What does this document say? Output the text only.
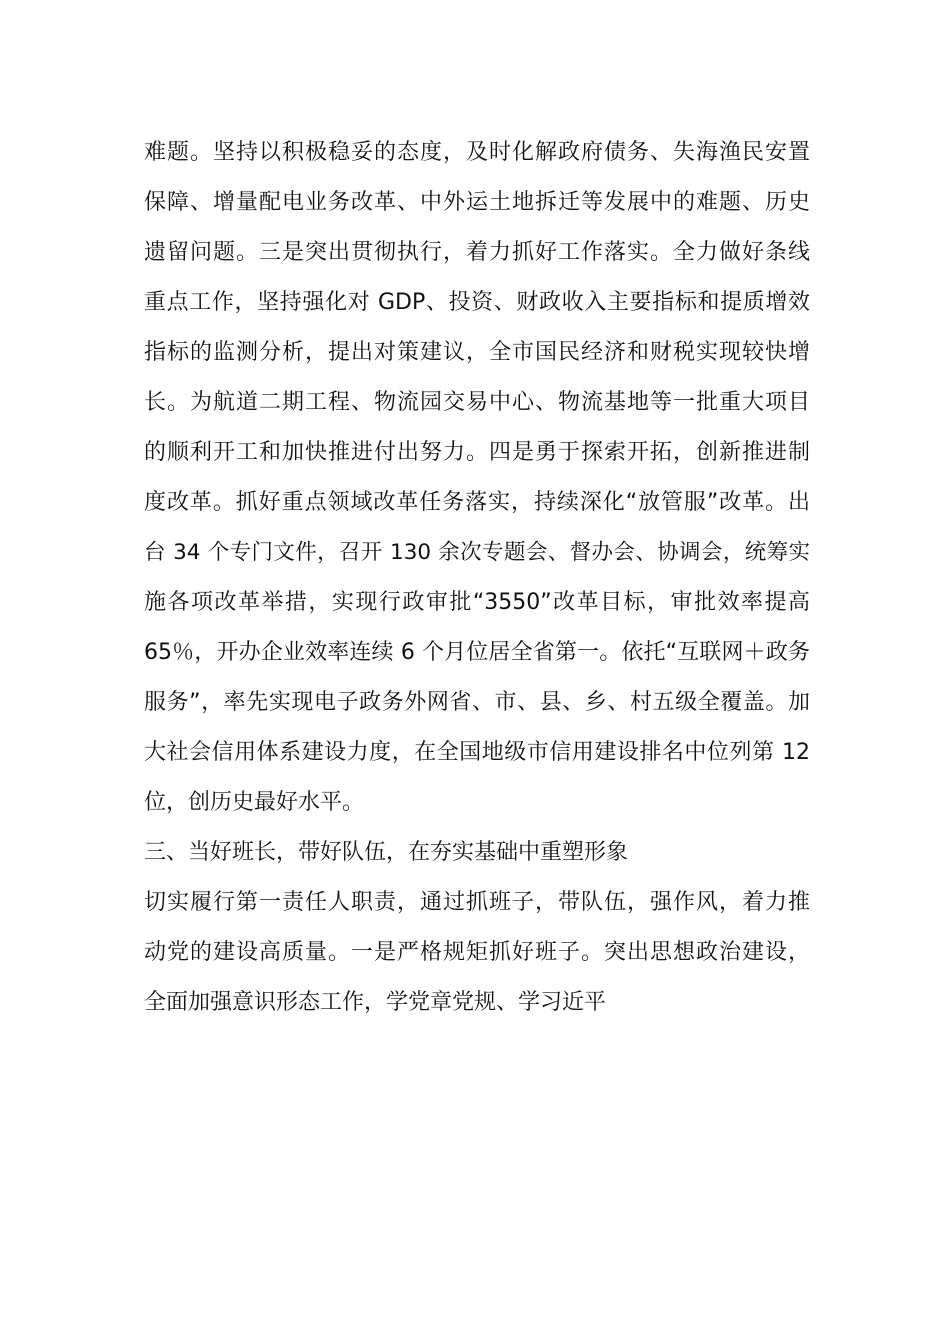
难题。坚持以积极稳妥的态度，及时化解政府债务、失海渔民安置
保障、增量配电业务改革、中外运土地拆迁等发展中的难题、历史
遗留问题。三是突出贯彻执行，着力抓好工作落实。全力做好条线
重点工作，坚持强化对 GDP、投资、财政收入主要指标和提质增效
指标的监测分析，提出对策建议，全市国民经济和财税实现较快增
长。为航道二期工程、物流园交易中心、物流基地等一批重大项目
的顺利开工和加快推进付出努力。四是勇于探索开拓，创新推进制
度改革。抓好重点领域改革任务落实，持续深化“放管服”改革。出
台 34 个专门文件，召开 130 余次专题会、督办会、协调会，统筹实
施各项改革举措，实现行政审批“3550”改革目标，审批效率提高
65％，开办企业效率连续 6 个月位居全省第一。依托“互联网＋政务
服务”，率先实现电子政务外网省、市、县、乡、村五级全覆盖。加
大社会信用体系建设力度，在全国地级市信用建设排名中位列第 12
位，创历史最好水平。
三、当好班长，带好队伍，在夯实基础中重塑形象
切实履行第一责任人职责，通过抓班子，带队伍，强作风，着力推
动党的建设高质量。一是严格规矩抓好班子。突出思想政治建设，
全面加强意识形态工作，学党章党规、学习近平
